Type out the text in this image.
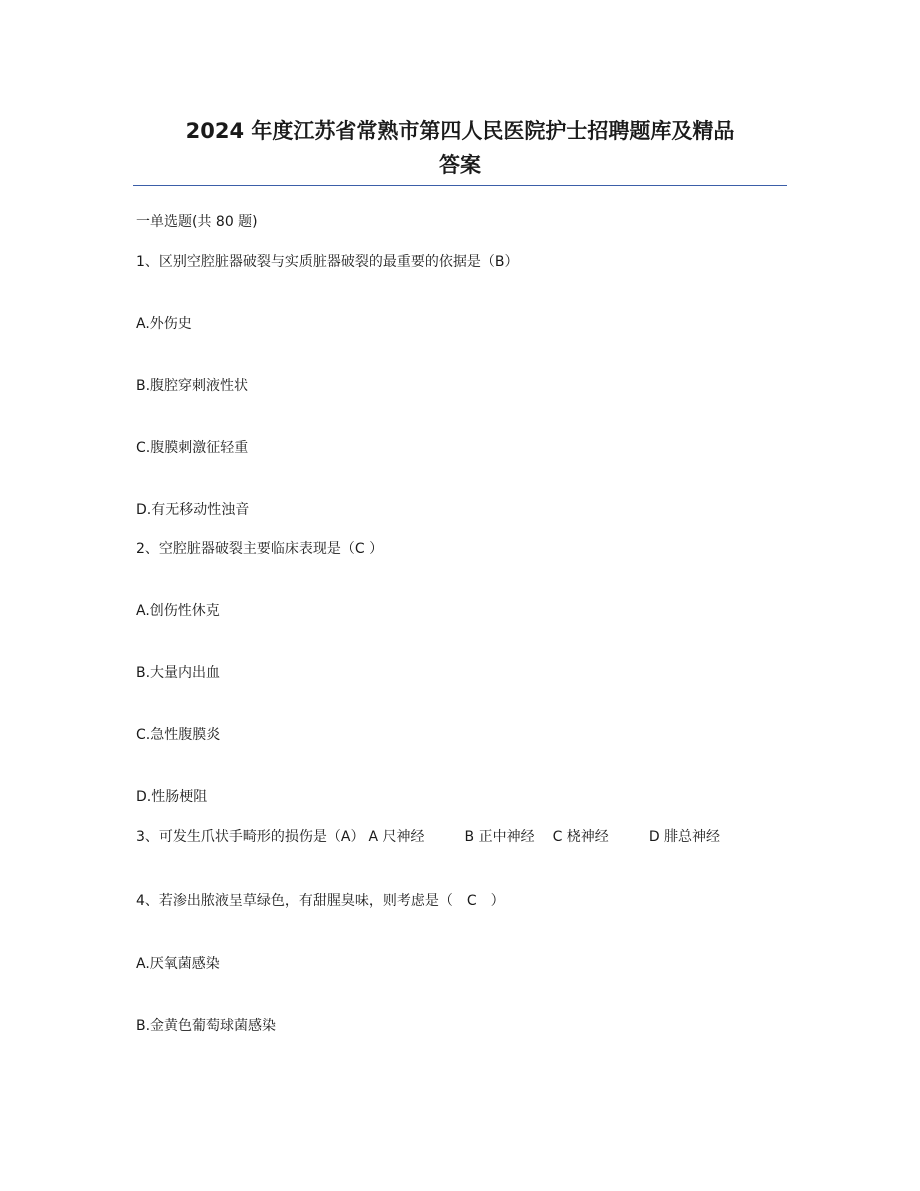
2024 年度江苏省常熟市第四人民医院护士招聘题库及精品
答案
一单选题(共 80 题)
1、区别空腔脏器破裂与实质脏器破裂的最重要的依据是（B）
A.外伤史
B.腹腔穿刺液性状
C.腹膜刺激征轻重
D.有无移动性浊音
2、空腔脏器破裂主要临床表现是（C ）
A.创伤性休克
B.大量内出血
C.急性腹膜炎
D.性肠梗阻
3、可发生爪状手畸形的损伤是（A） A 尺神经	B 正中神经 C 桡神经	D 腓总神经
4、若渗出脓液呈草绿色，有甜腥臭味，则考虑是（　C　）
A.厌氧菌感染
B.金黄色葡萄球菌感染
